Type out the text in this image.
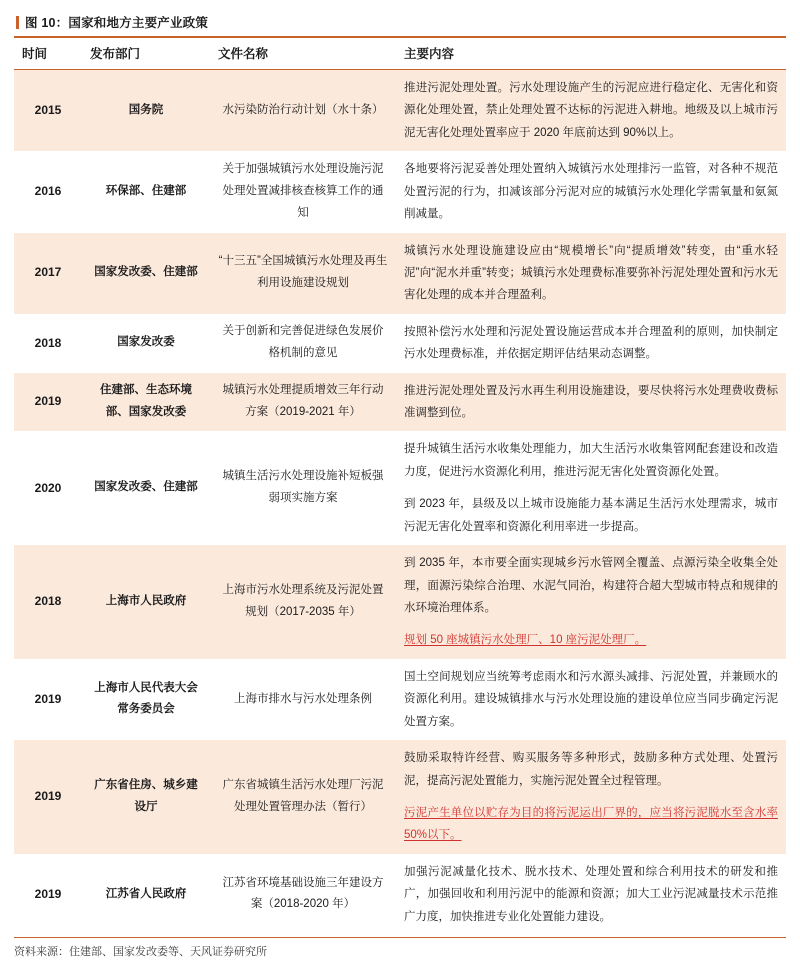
图 10：国家和地方主要产业政策
时间	发布部门	文件名称	主要内容
2015	国务院	水污染防治行动计划（水十条）	推进污泥处理处置。污水处理设施产生的污泥应进行稳定化、无害化和资源化处理处置，禁止处理处置不达标的污泥进入耕地。地级及以上城市污泥无害化处理处置率应于 2020 年底前达到 90%以上。

2016	环保部、住建部	关于加强城镇污水处理设施污泥处理处置减排核查核算工作的通知	各地要将污泥妥善处理处置纳入城镇污水处理排污一监管，对各种不规范处置污泥的行为，扣减该部分污泥对应的城镇污水处理化学需氧量和氨氮削减量。

2017	国家发改委、住建部	“十三五”全国城镇污水处理及再生利用设施建设规划	城镇污水处理设施建设应由“规模增长”向“提质增效”转变，由“重水轻泥”向“泥水并重”转变；城镇污水处理费标准要弥补污泥处理处置和污水无害化处理的成本并合理盈利。

2018	国家发改委	关于创新和完善促进绿色发展价格机制的意见	按照补偿污水处理和污泥处置设施运营成本并合理盈利的原则，加快制定污水处理费标准，并依据定期评估结果动态调整。

2019	住建部、生态环境部、国家发改委	城镇污水处理提质增效三年行动方案（2019-2021 年）	推进污泥处理处置及污水再生利用设施建设，要尽快将污水处理费收费标准调整到位。

2020	国家发改委、住建部	城镇生活污水处理设施补短板强弱项实施方案	提升城镇生活污水收集处理能力，加大生活污水收集管网配套建设和改造力度，促进污水资源化利用，推进污泥无害化处置资源化处置。
到 2023 年，县级及以上城市设施能力基本满足生活污水处理需求，城市污泥无害化处置率和资源化利用率进一步提高。

2018	上海市人民政府	上海市污水处理系统及污泥处置规划（2017-2035 年）	到 2035 年，本市要全面实现城乡污水管网全覆盖、点源污染全收集全处理，面源污染综合治理、水泥气同治，构建符合超大型城市特点和规律的水环境治理体系。
规划 50 座城镇污水处理厂、10 座污泥处理厂。

2019	上海市人民代表大会常务委员会	上海市排水与污水处理条例	国土空间规划应当统筹考虑雨水和污水源头减排、污泥处置，并兼顾水的资源化利用。建设城镇排水与污水处理设施的建设单位应当同步确定污泥处置方案。

2019	广东省住房、城乡建设厅	广东省城镇生活污水处理厂污泥处理处置管理办法（暂行）	鼓励采取特许经营、购买服务等多种形式，鼓励多种方式处理、处置污泥，提高污泥处置能力，实施污泥处置全过程管理。
污泥产生单位以贮存为目的将污泥运出厂界的，应当将污泥脱水至含水率 50%以下。

2019	江苏省人民政府	江苏省环境基础设施三年建设方案（2018-2020 年）	加强污泥减量化技术、脱水技术、处理处置和综合利用技术的研发和推广，加强回收和利用污泥中的能源和资源；加大工业污泥减量技术示范推广力度，加快推进专业化处置能力建设。
资料来源：住建部、国家发改委等、天风证券研究所
